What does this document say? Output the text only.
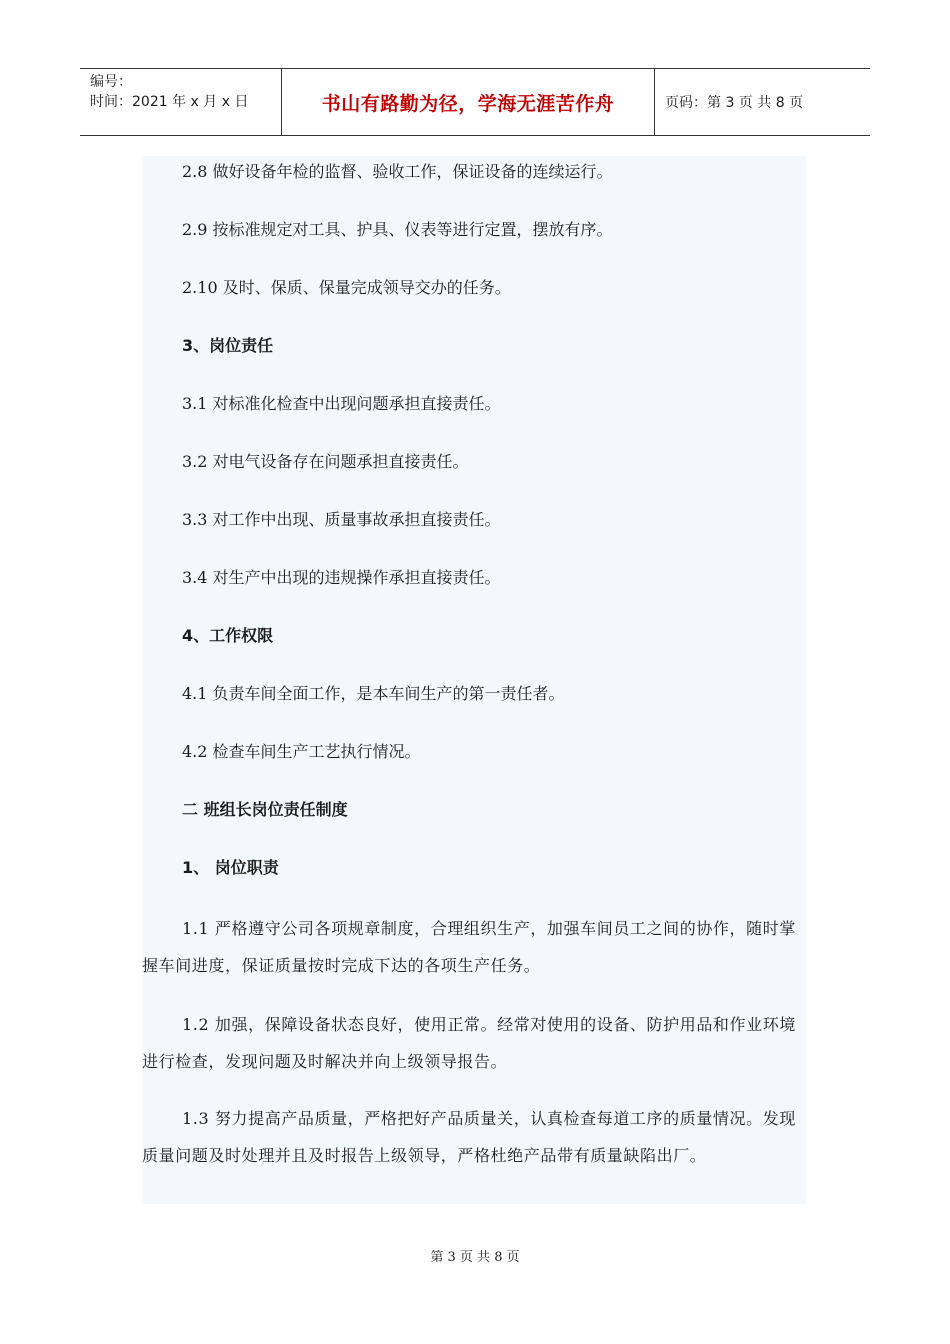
编号：
时间：2021 年 x 月 x 日	书山有路勤为径，学海无涯苦作舟	页码：第 3 页 共 8 页

2.8 做好设备年检的监督、验收工作，保证设备的连续运行。

2.9 按标准规定对工具、护具、仪表等进行定置，摆放有序。

2.10 及时、保质、保量完成领导交办的任务。

3、岗位责任

3.1 对标准化检查中出现问题承担直接责任。

3.2 对电气设备存在问题承担直接责任。

3.3 对工作中出现、质量事故承担直接责任。

3.4 对生产中出现的违规操作承担直接责任。

4、工作权限

4.1 负责车间全面工作，是本车间生产的第一责任者。

4.2 检查车间生产工艺执行情况。

二 班组长岗位责任制度

1、 岗位职责

1.1 严格遵守公司各项规章制度，合理组织生产，加强车间员工之间的协作，随时掌握车间进度，保证质量按时完成下达的各项生产任务。

1.2 加强，保障设备状态良好，使用正常。经常对使用的设备、防护用品和作业环境进行检查，发现问题及时解决并向上级领导报告。

1.3 努力提高产品质量，严格把好产品质量关，认真检查每道工序的质量情况。发现质量问题及时处理并且及时报告上级领导，严格杜绝产品带有质量缺陷出厂。

第 3 页 共 8 页
